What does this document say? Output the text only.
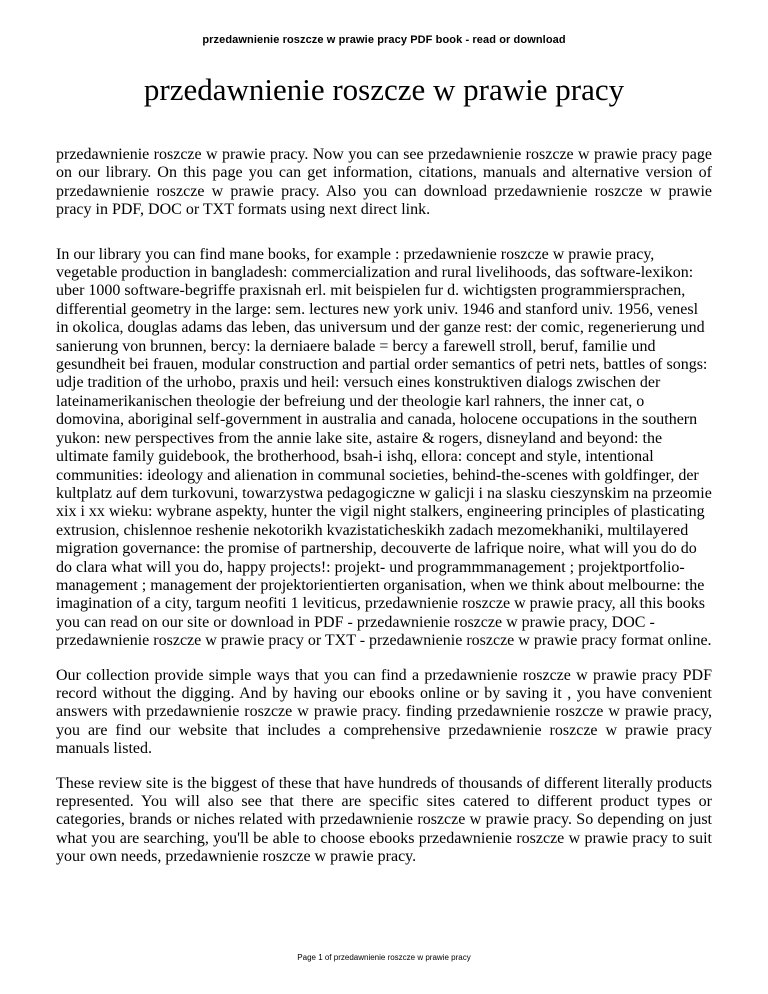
przedawnienie roszcze w prawie pracy PDF book - read or download
przedawnienie roszcze w prawie pracy

przedawnienie roszcze w prawie pracy. Now you can see przedawnienie roszcze w prawie pracy page on our library. On this page you can get information, citations, manuals and alternative version of przedawnienie roszcze w prawie pracy. Also you can download przedawnienie roszcze w prawie pracy in PDF, DOC or TXT formats using next direct link.

In our library you can find mane books, for example : przedawnienie roszcze w prawie pracy, vegetable production in bangladesh: commercialization and rural livelihoods, das software-lexikon: uber 1000 software-begriffe praxisnah erl. mit beispielen fur d. wichtigsten programmiersprachen, differential geometry in the large: sem. lectures new york univ. 1946 and stanford univ. 1956, venesl in okolica, douglas adams das leben, das universum und der ganze rest: der comic, regenerierung und sanierung von brunnen, bercy: la derniaere balade = bercy a farewell stroll, beruf, familie und gesundheit bei frauen, modular construction and partial order semantics of petri nets, battles of songs: udje tradition of the urhobo, praxis und heil: versuch eines konstruktiven dialogs zwischen der lateinamerikanischen theologie der befreiung und der theologie karl rahners, the inner cat, o domovina, aboriginal self-government in australia and canada, holocene occupations in the southern yukon: new perspectives from the annie lake site, astaire & rogers, disneyland and beyond: the ultimate family guidebook, the brotherhood, bsah-i ishq, ellora: concept and style, intentional communities: ideology and alienation in communal societies, behind-the-scenes with goldfinger, der kultplatz auf dem turkovuni, towarzystwa pedagogiczne w galicji i na slasku cieszynskim na przeomie xix i xx wieku: wybrane aspekty, hunter the vigil night stalkers, engineering principles of plasticating extrusion, chislennoe reshenie nekotorikh kvazistaticheskikh zadach mezomekhaniki, multilayered migration governance: the promise of partnership, decouverte de lafrique noire, what will you do do do clara what will you do, happy projects!: projekt- und programmmanagement ; projektportfolio-management ; management der projektorientierten organisation, when we think about melbourne: the imagination of a city, targum neofiti 1 leviticus, przedawnienie roszcze w prawie pracy, all this books you can read on our site or download in PDF - przedawnienie roszcze w prawie pracy, DOC - przedawnienie roszcze w prawie pracy or TXT - przedawnienie roszcze w prawie pracy format online.

Our collection provide simple ways that you can find a przedawnienie roszcze w prawie pracy PDF record without the digging. And by having our ebooks online or by saving it , you have convenient answers with przedawnienie roszcze w prawie pracy. finding przedawnienie roszcze w prawie pracy, you are find our website that includes a comprehensive przedawnienie roszcze w prawie pracy manuals listed.

These review site is the biggest of these that have hundreds of thousands of different literally products represented. You will also see that there are specific sites catered to different product types or categories, brands or niches related with przedawnienie roszcze w prawie pracy. So depending on just what you are searching, you'll be able to choose ebooks przedawnienie roszcze w prawie pracy to suit your own needs, przedawnienie roszcze w prawie pracy.

Page 1 of przedawnienie roszcze w prawie pracy
